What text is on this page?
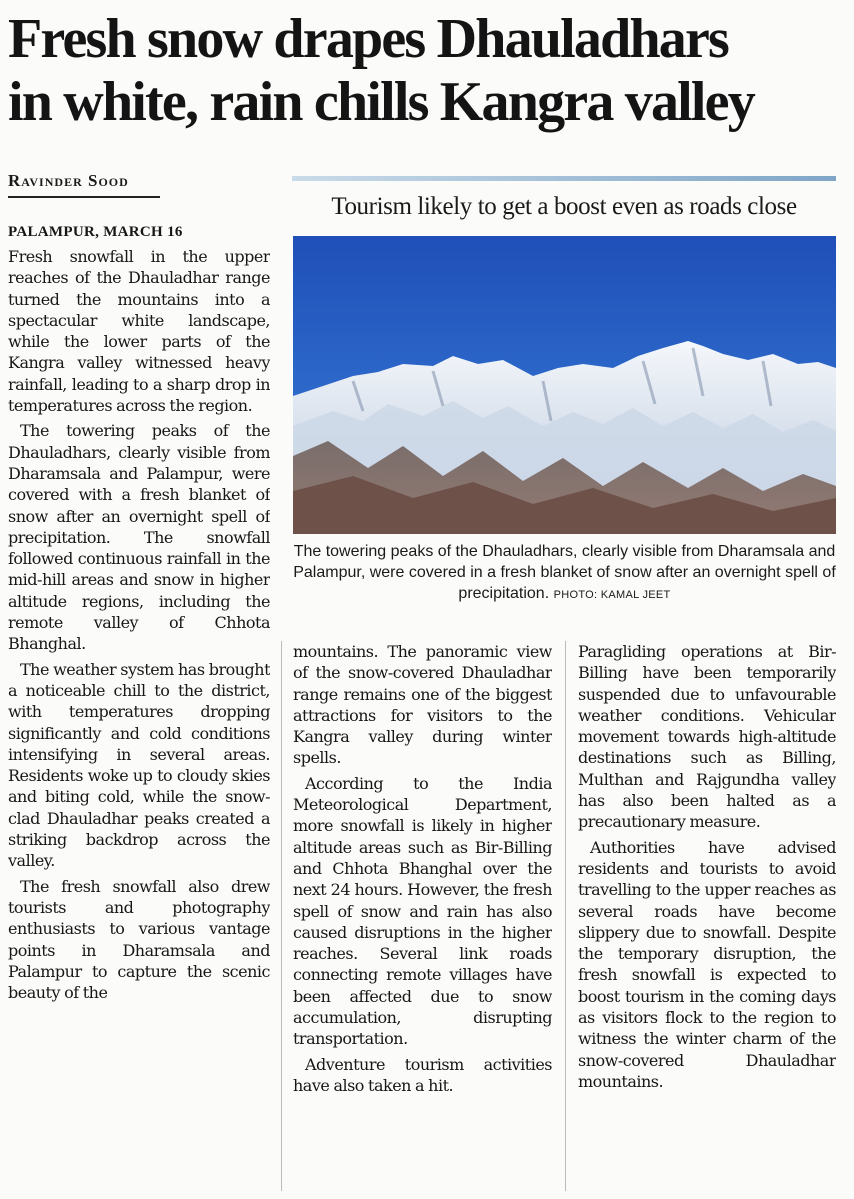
Fresh snow drapes Dhauladhars
in white, rain chills Kangra valley
Ravinder Sood
Tourism likely to get a boost even as roads close
The towering peaks of the Dhauladhars, clearly visible from Dharamsala and Palampur, were covered in a fresh blanket of snow after an overnight spell of precipitation. PHOTO: KAMAL JEET
PALAMPUR, MARCH 16

Fresh snowfall in the upper reaches of the Dhauladhar range turned the mountains into a spectacular white landscape, while the lower parts of the Kangra valley witnessed heavy rainfall, leading to a sharp drop in temperatures across the region.

The towering peaks of the Dhauladhars, clearly visible from Dharamsala and Palampur, were covered with a fresh blanket of snow after an overnight spell of precipitation. The snowfall followed continuous rainfall in the mid-hill areas and snow in higher altitude regions, including the remote valley of Chhota Bhanghal.

The weather system has brought a noticeable chill to the district, with temperatures dropping significantly and cold conditions intensifying in several areas. Residents woke up to cloudy skies and biting cold, while the snow-clad Dhauladhar peaks created a striking backdrop across the valley.

The fresh snowfall also drew tourists and photography enthusiasts to various vantage points in Dharamsala and Palampur to capture the scenic beauty of the

mountains. The panoramic view of the snow-covered Dhauladhar range remains one of the biggest attractions for visitors to the Kangra valley during winter spells.

According to the India Meteorological Department, more snowfall is likely in higher altitude areas such as Bir-Billing and Chhota Bhanghal over the next 24 hours. However, the fresh spell of snow and rain has also caused disruptions in the higher reaches. Several link roads connecting remote villages have been affected due to snow accumulation, disrupting transportation.

Adventure tourism activities have also taken a hit.

Paragliding operations at Bir-Billing have been temporarily suspended due to unfavourable weather conditions. Vehicular movement towards high-altitude destinations such as Billing, Multhan and Rajgundha valley has also been halted as a precautionary measure.

Authorities have advised residents and tourists to avoid travelling to the upper reaches as several roads have become slippery due to snowfall. Despite the temporary disruption, the fresh snowfall is expected to boost tourism in the coming days as visitors flock to the region to witness the winter charm of the snow-covered Dhauladhar mountains.
